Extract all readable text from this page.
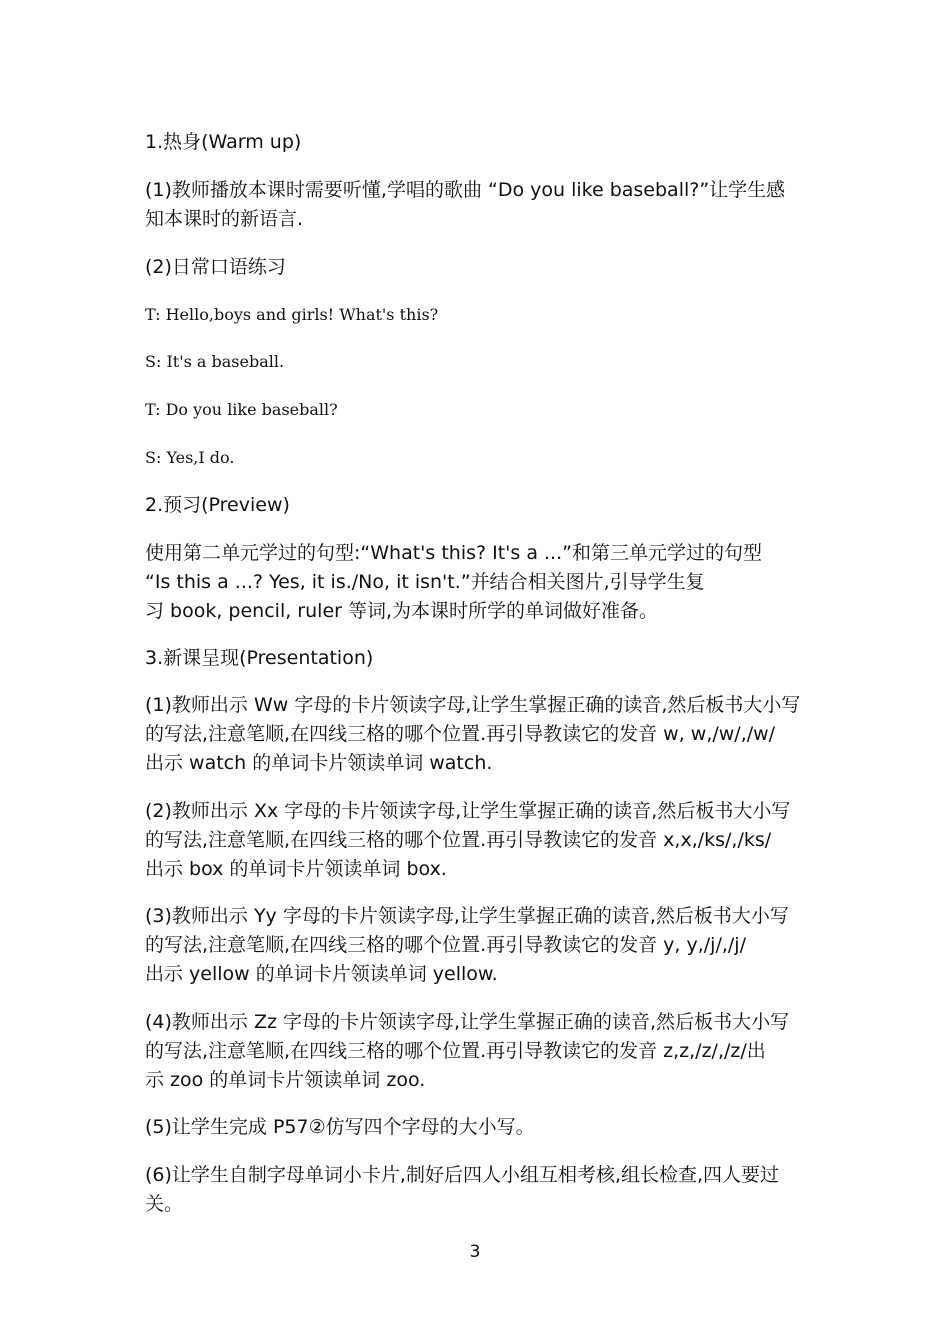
1.热身(Warm up)
(1)教师播放本课时需要听懂,学唱的歌曲 “Do you like baseball?”让学生感
知本课时的新语言.
(2)日常口语练习
T: Hello,boys and girls! What's this?
S: It's a baseball.
T: Do you like baseball?
S: Yes,I do.
2.预习(Preview)
使用第二单元学过的句型:“What's this? It's a ...”和第三单元学过的句型
“Is this a ...? Yes, it is./No, it isn't.”并结合相关图片,引导学生复
习 book, pencil, ruler 等词,为本课时所学的单词做好准备。
3.新课呈现(Presentation)
(1)教师出示 Ww 字母的卡片领读字母,让学生掌握正确的读音,然后板书大小写
的写法,注意笔顺,在四线三格的哪个位置.再引导教读它的发音 w, w,/w/,/w/
出示 watch 的单词卡片领读单词 watch.
(2)教师出示 Xx 字母的卡片领读字母,让学生掌握正确的读音,然后板书大小写
的写法,注意笔顺,在四线三格的哪个位置.再引导教读它的发音 x,x,/ks/,/ks/
出示 box 的单词卡片领读单词 box.
(3)教师出示 Yy 字母的卡片领读字母,让学生掌握正确的读音,然后板书大小写
的写法,注意笔顺,在四线三格的哪个位置.再引导教读它的发音 y, y,/j/,/j/
出示 yellow 的单词卡片领读单词 yellow.
(4)教师出示 Zz 字母的卡片领读字母,让学生掌握正确的读音,然后板书大小写
的写法,注意笔顺,在四线三格的哪个位置.再引导教读它的发音 z,z,/z/,/z/出
示 zoo 的单词卡片领读单词 zoo.
(5)让学生完成 P57②仿写四个字母的大小写。
(6)让学生自制字母单词小卡片,制好后四人小组互相考核,组长检查,四人要过
关。
3
